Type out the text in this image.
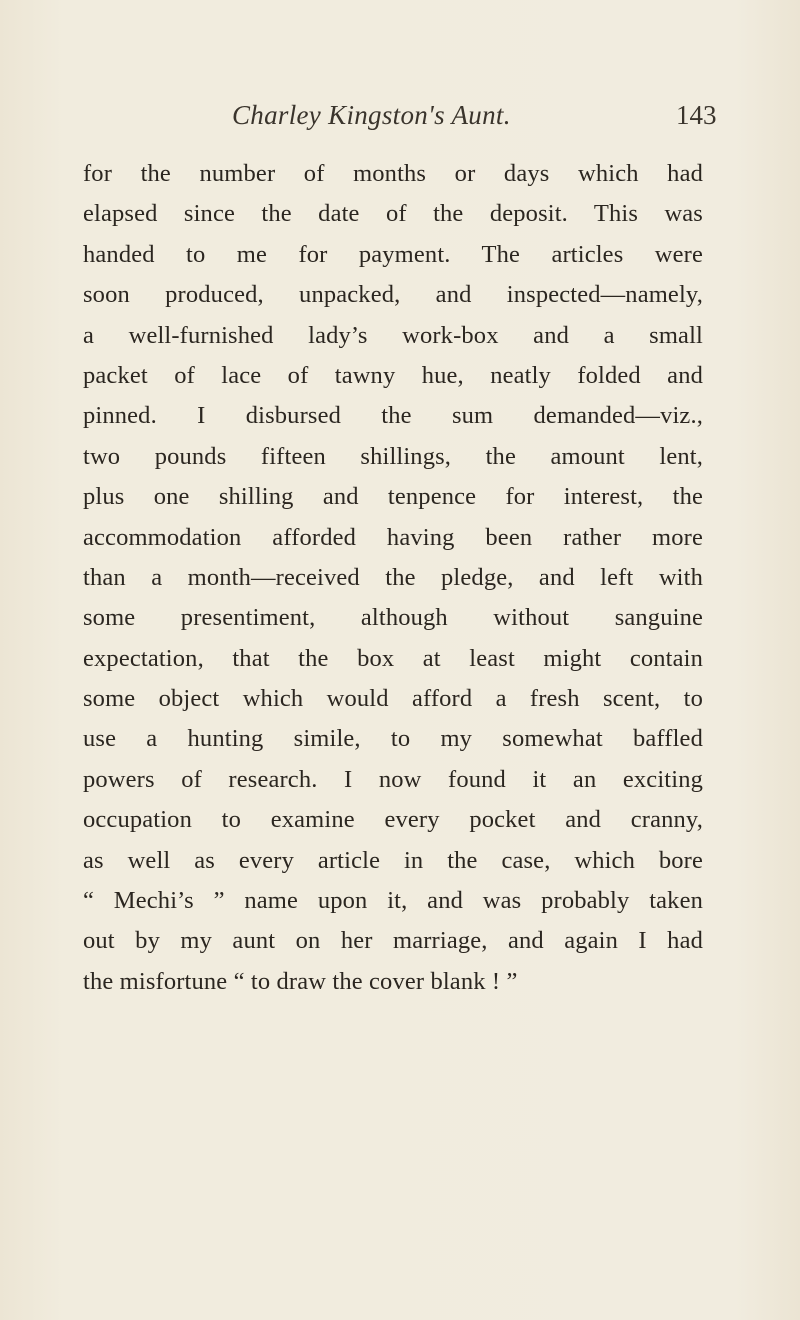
Charley Kingston's Aunt.	143
for the number of months or days which had
elapsed since the date of the deposit. This was
handed to me for payment. The articles were
soon produced, unpacked, and inspected—namely,
a well-furnished lady’s work-box and a small
packet of lace of tawny hue, neatly folded and
pinned. I disbursed the sum demanded—viz.,
two pounds fifteen shillings, the amount lent,
plus one shilling and tenpence for interest, the
accommodation afforded having been rather more
than a month—received the pledge, and left with
some presentiment, although without sanguine
expectation, that the box at least might contain
some object which would afford a fresh scent, to
use a hunting simile, to my somewhat baffled
powers of research. I now found it an exciting
occupation to examine every pocket and cranny,
as well as every article in the case, which bore
“ Mechi’s ” name upon it, and was probably taken
out by my aunt on her marriage, and again I had
the misfortune “ to draw the cover blank ! ”
